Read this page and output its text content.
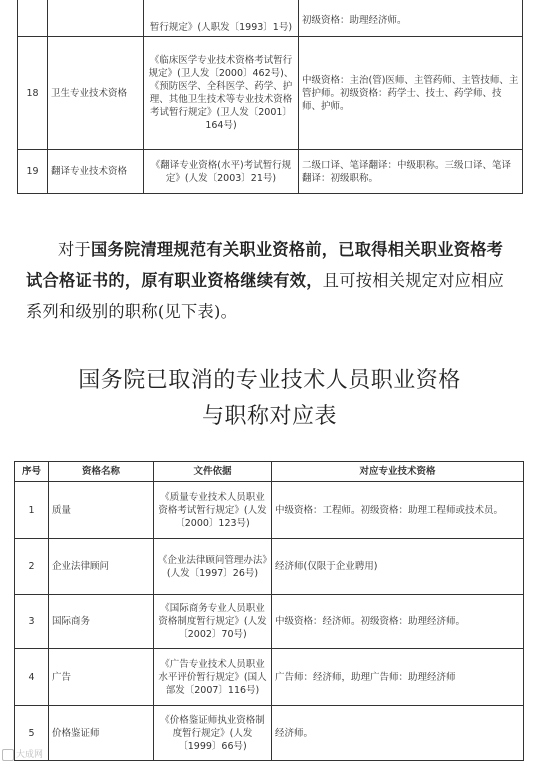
		暂行规定》(人职发〔1993〕1号)	初级资格：助理经济师。
18	卫生专业技术资格	《临床医学专业技术资格考试暂行规定》(卫人发〔2000〕462号)、《预防医学、全科医学、药学、护理、其他卫生技术等专业技术资格考试暂行规定》(卫人发〔2001〕164号)	中级资格：主治(管)医师、主管药师、主管技师、主管护师。初级资格：药学士、技士、药学师、技师、护师。
19	翻译专业技术资格	《翻译专业资格(水平)考试暂行规定》(人发〔2003〕21号)	二级口译、笔译翻译：中级职称。三级口译、笔译翻译：初级职称。
对于国务院清理规范有关职业资格前，已取得相关职业资格考试合格证书的，原有职业资格继续有效，且可按相关规定对应相应系列和级别的职称(见下表)。
国务院已取消的专业技术人员职业资格
与职称对应表
序号	资格名称	文件依据	对应专业技术资格
1	质量	《质量专业技术人员职业资格考试暂行规定》(人发〔2000〕123号)	中级资格：工程师。初级资格：助理工程师或技术员。
2	企业法律顾问	《企业法律顾问管理办法》(人发〔1997〕26号)	经济师(仅限于企业聘用)
3	国际商务	《国际商务专业人员职业资格制度暂行规定》(人发〔2002〕70号)	中级资格：经济师。初级资格：助理经济师。
4	广告	《广告专业技术人员职业水平评价暂行规定》(国人部发〔2007〕116号)	广告师：经济师，助理广告师：助理经济师
5	价格鉴证师	《价格鉴证师执业资格制度暂行规定》(人发〔1999〕66号)	经济师。
大成网
